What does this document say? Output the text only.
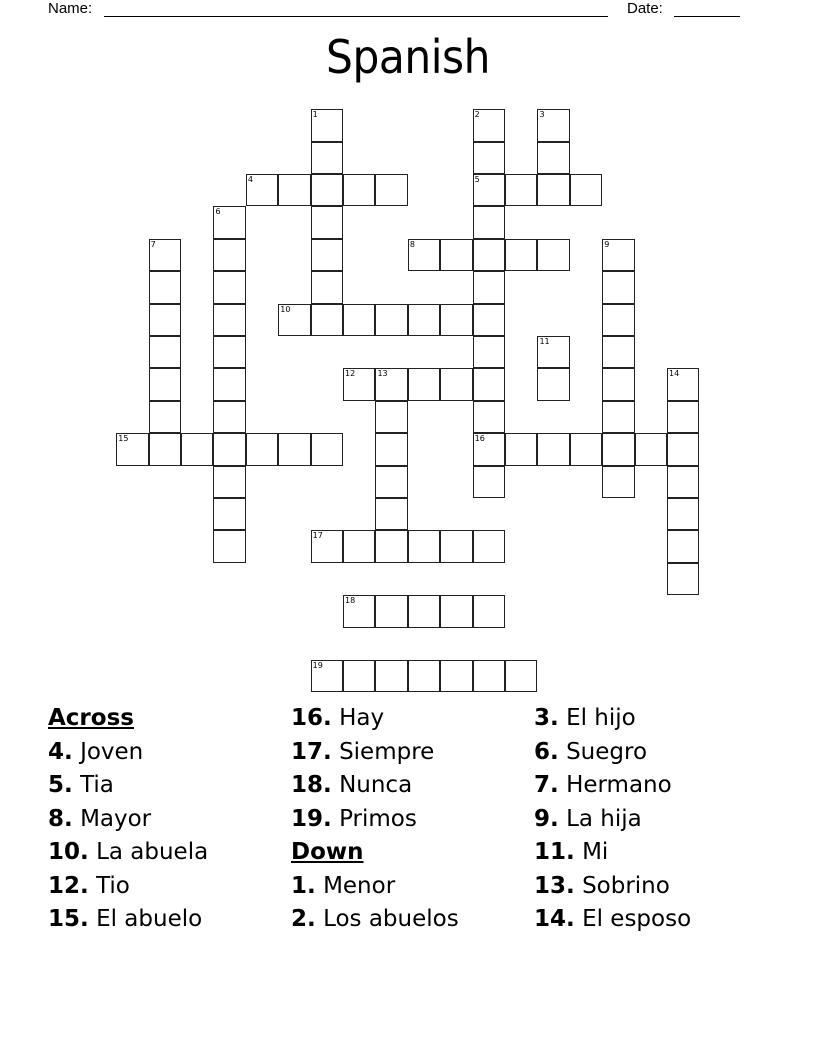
Name:	Date:
Spanish
1	2
5
16
3
4
6
7	8	9
10
11
12	13	14
15
17
18
19
Across
4. Joven
5. Tia
8. Mayor
10. La abuela
12. Tio
15. El abuelo
16. Hay
17. Siempre
18. Nunca
19. Primos
Down
1. Menor
2. Los abuelos
3. El hijo
6. Suegro
7. Hermano
9. La hija
11. Mi
13. Sobrino
14. El esposo
